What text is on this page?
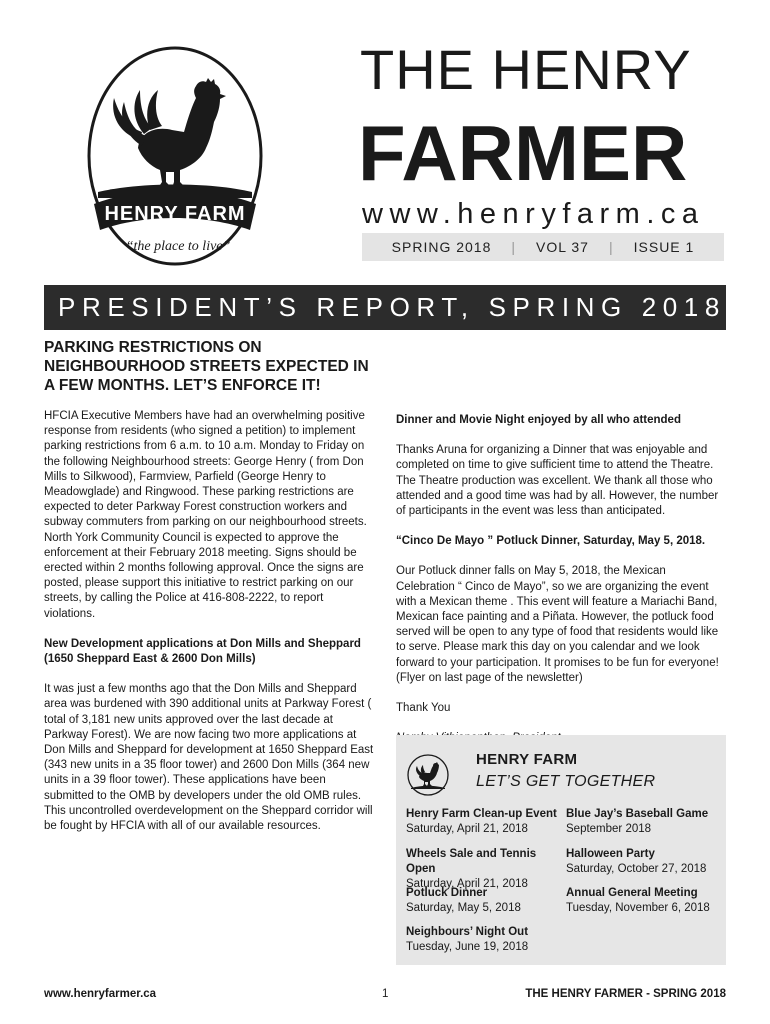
HENRY FARM
“the place to live”
THE HENRY
FARMER
www.henryfarm.ca
SPRING 2018 | VOL 37 | ISSUE 1
PRESIDENT’S REPORT, SPRING 2018

PARKING RESTRICTIONS ON NEIGHBOURHOOD STREETS EXPECTED IN A FEW MONTHS. LET’S ENFORCE IT!

HFCIA Executive Members have had an overwhelming positive response from residents (who signed a petition) to implement parking restrictions from 6 a.m. to 10 a.m. Monday to Friday on the following Neighbourhood streets: George Henry ( from Don Mills to Silkwood), Farmview, Parfield (George Henry to Meadowglade) and Ringwood. These parking restrictions are expected to deter Parkway Forest construction workers and subway commuters from parking on our neighbourhood streets. North York Community Council is expected to approve the enforcement at their February 2018 meeting. Signs should be erected within 2 months following approval. Once the signs are posted, please support this initiative to restrict parking on our streets, by calling the Police at 416-808-2222, to report violations.

New Development applications at Don Mills and Sheppard (1650 Sheppard East & 2600 Don Mills)

It was just a few months ago that the Don Mills and Sheppard area was burdened with 390 additional units at Parkway Forest ( total of 3,181 new units approved over the last decade at Parkway Forest). We are now facing two more applications at Don Mills and Sheppard for development at 1650 Sheppard East (343 new units in a 35 floor tower) and 2600 Don Mills (364 new units in a 39 floor tower). These applications have been submitted to the OMB by developers under the old OMB rules. This uncontrolled overdevelopment on the Sheppard corridor will be fought by HFCIA with all of our available resources.

Dinner and Movie Night enjoyed by all who attended

Thanks Aruna for organizing a Dinner that was enjoyable and completed on time to give sufficient time to attend the Theatre. The Theatre production was excellent. We thank all those who attended and a good time was had by all. However, the number of participants in the event was less than anticipated.

“Cinco De Mayo ” Potluck Dinner, Saturday, May 5, 2018.

Our Potluck dinner falls on May 5, 2018, the Mexican Celebration “ Cinco de Mayo”, so we are organizing the event with a Mexican theme . This event will feature a Mariachi Band, Mexican face painting and a Piñata. However, the potluck food served will be open to any type of food that residents would like to serve. Please mark this day on you calendar and we look forward to your participation. It promises to be fun for everyone! (Flyer on last page of the newsletter)

Thank You

HENRY FARM
LET’S GET TOGETHER
Henry Farm Clean-up Event
Saturday, April 21, 2018
Blue Jay’s Baseball Game
September 2018
Wheels Sale and Tennis Open
Saturday, April 21, 2018
Halloween Party
Saturday, October 27, 2018
Potluck Dinner
Saturday, May 5, 2018
Annual General Meeting
Tuesday, November 6, 2018
Neighbours’ Night Out
Tuesday, June 19, 2018
www.henryfarmer.ca	1	THE HENRY FARMER - SPRING 2018
